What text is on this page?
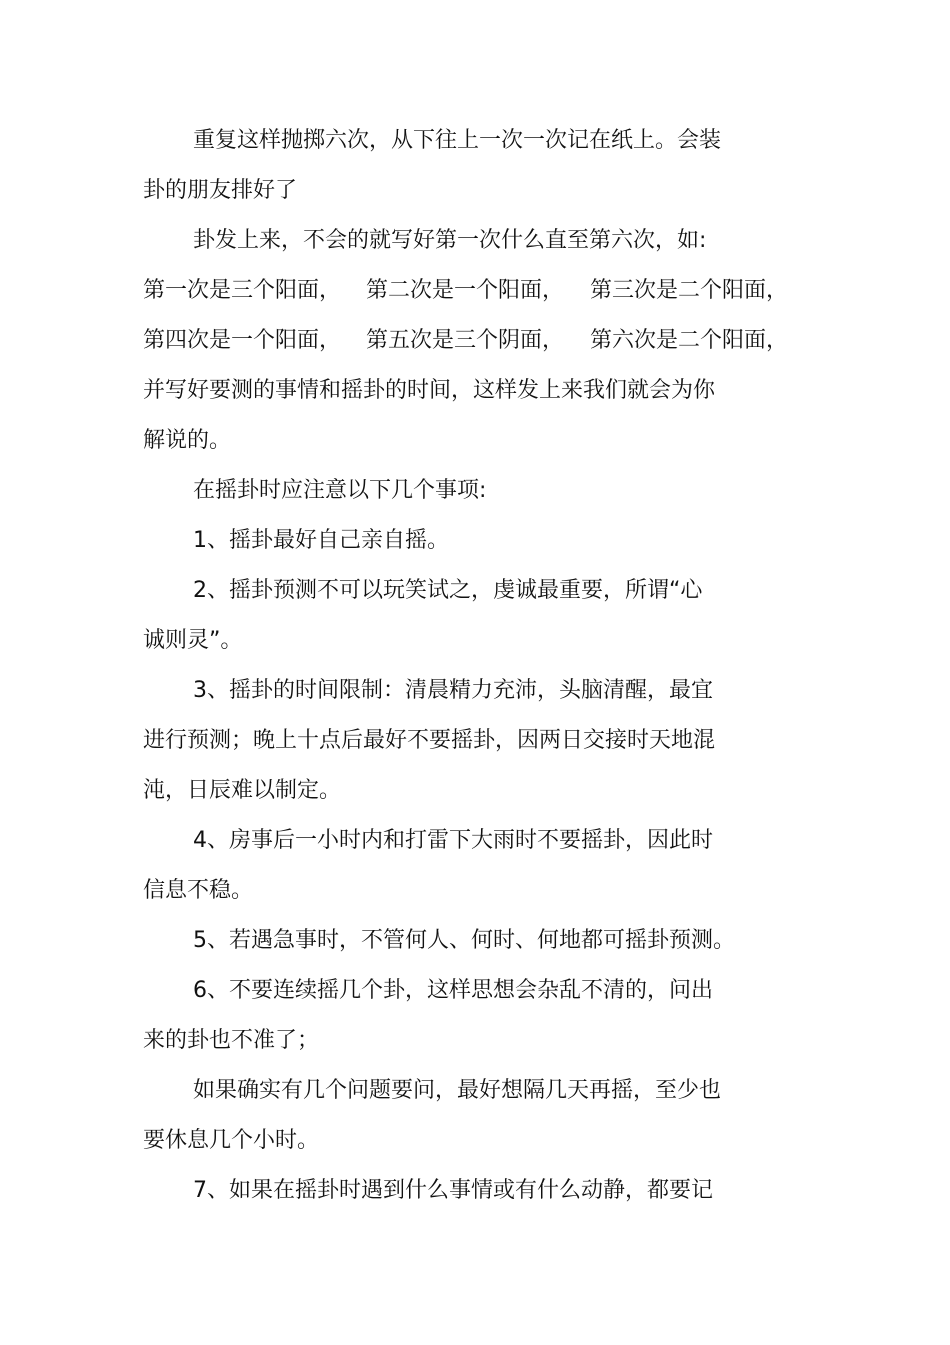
重复这样抛掷六次，从下往上一次一次记在纸上。会装
卦的朋友排好了
卦发上来，不会的就写好第一次什么直至第六次，如:
第一次是三个阳面， 第二次是一个阳面， 第三次是二个阳面，
第四次是一个阳面， 第五次是三个阴面， 第六次是二个阳面，
并写好要测的事情和摇卦的时间，这样发上来我们就会为你
解说的。
在摇卦时应注意以下几个事项:
1、摇卦最好自己亲自摇。
2、摇卦预测不可以玩笑试之，虔诚最重要，所谓“心
诚则灵”。
3、摇卦的时间限制：清晨精力充沛，头脑清醒，最宜
进行预测；晚上十点后最好不要摇卦，因两日交接时天地混
沌，日辰难以制定。
4、房事后一小时内和打雷下大雨时不要摇卦，因此时
信息不稳。
5、若遇急事时，不管何人、何时、何地都可摇卦预测。
6、不要连续摇几个卦，这样思想会杂乱不清的，问出
来的卦也不准了；
如果确实有几个问题要问，最好想隔几天再摇，至少也
要休息几个小时。
7、如果在摇卦时遇到什么事情或有什么动静，都要记
